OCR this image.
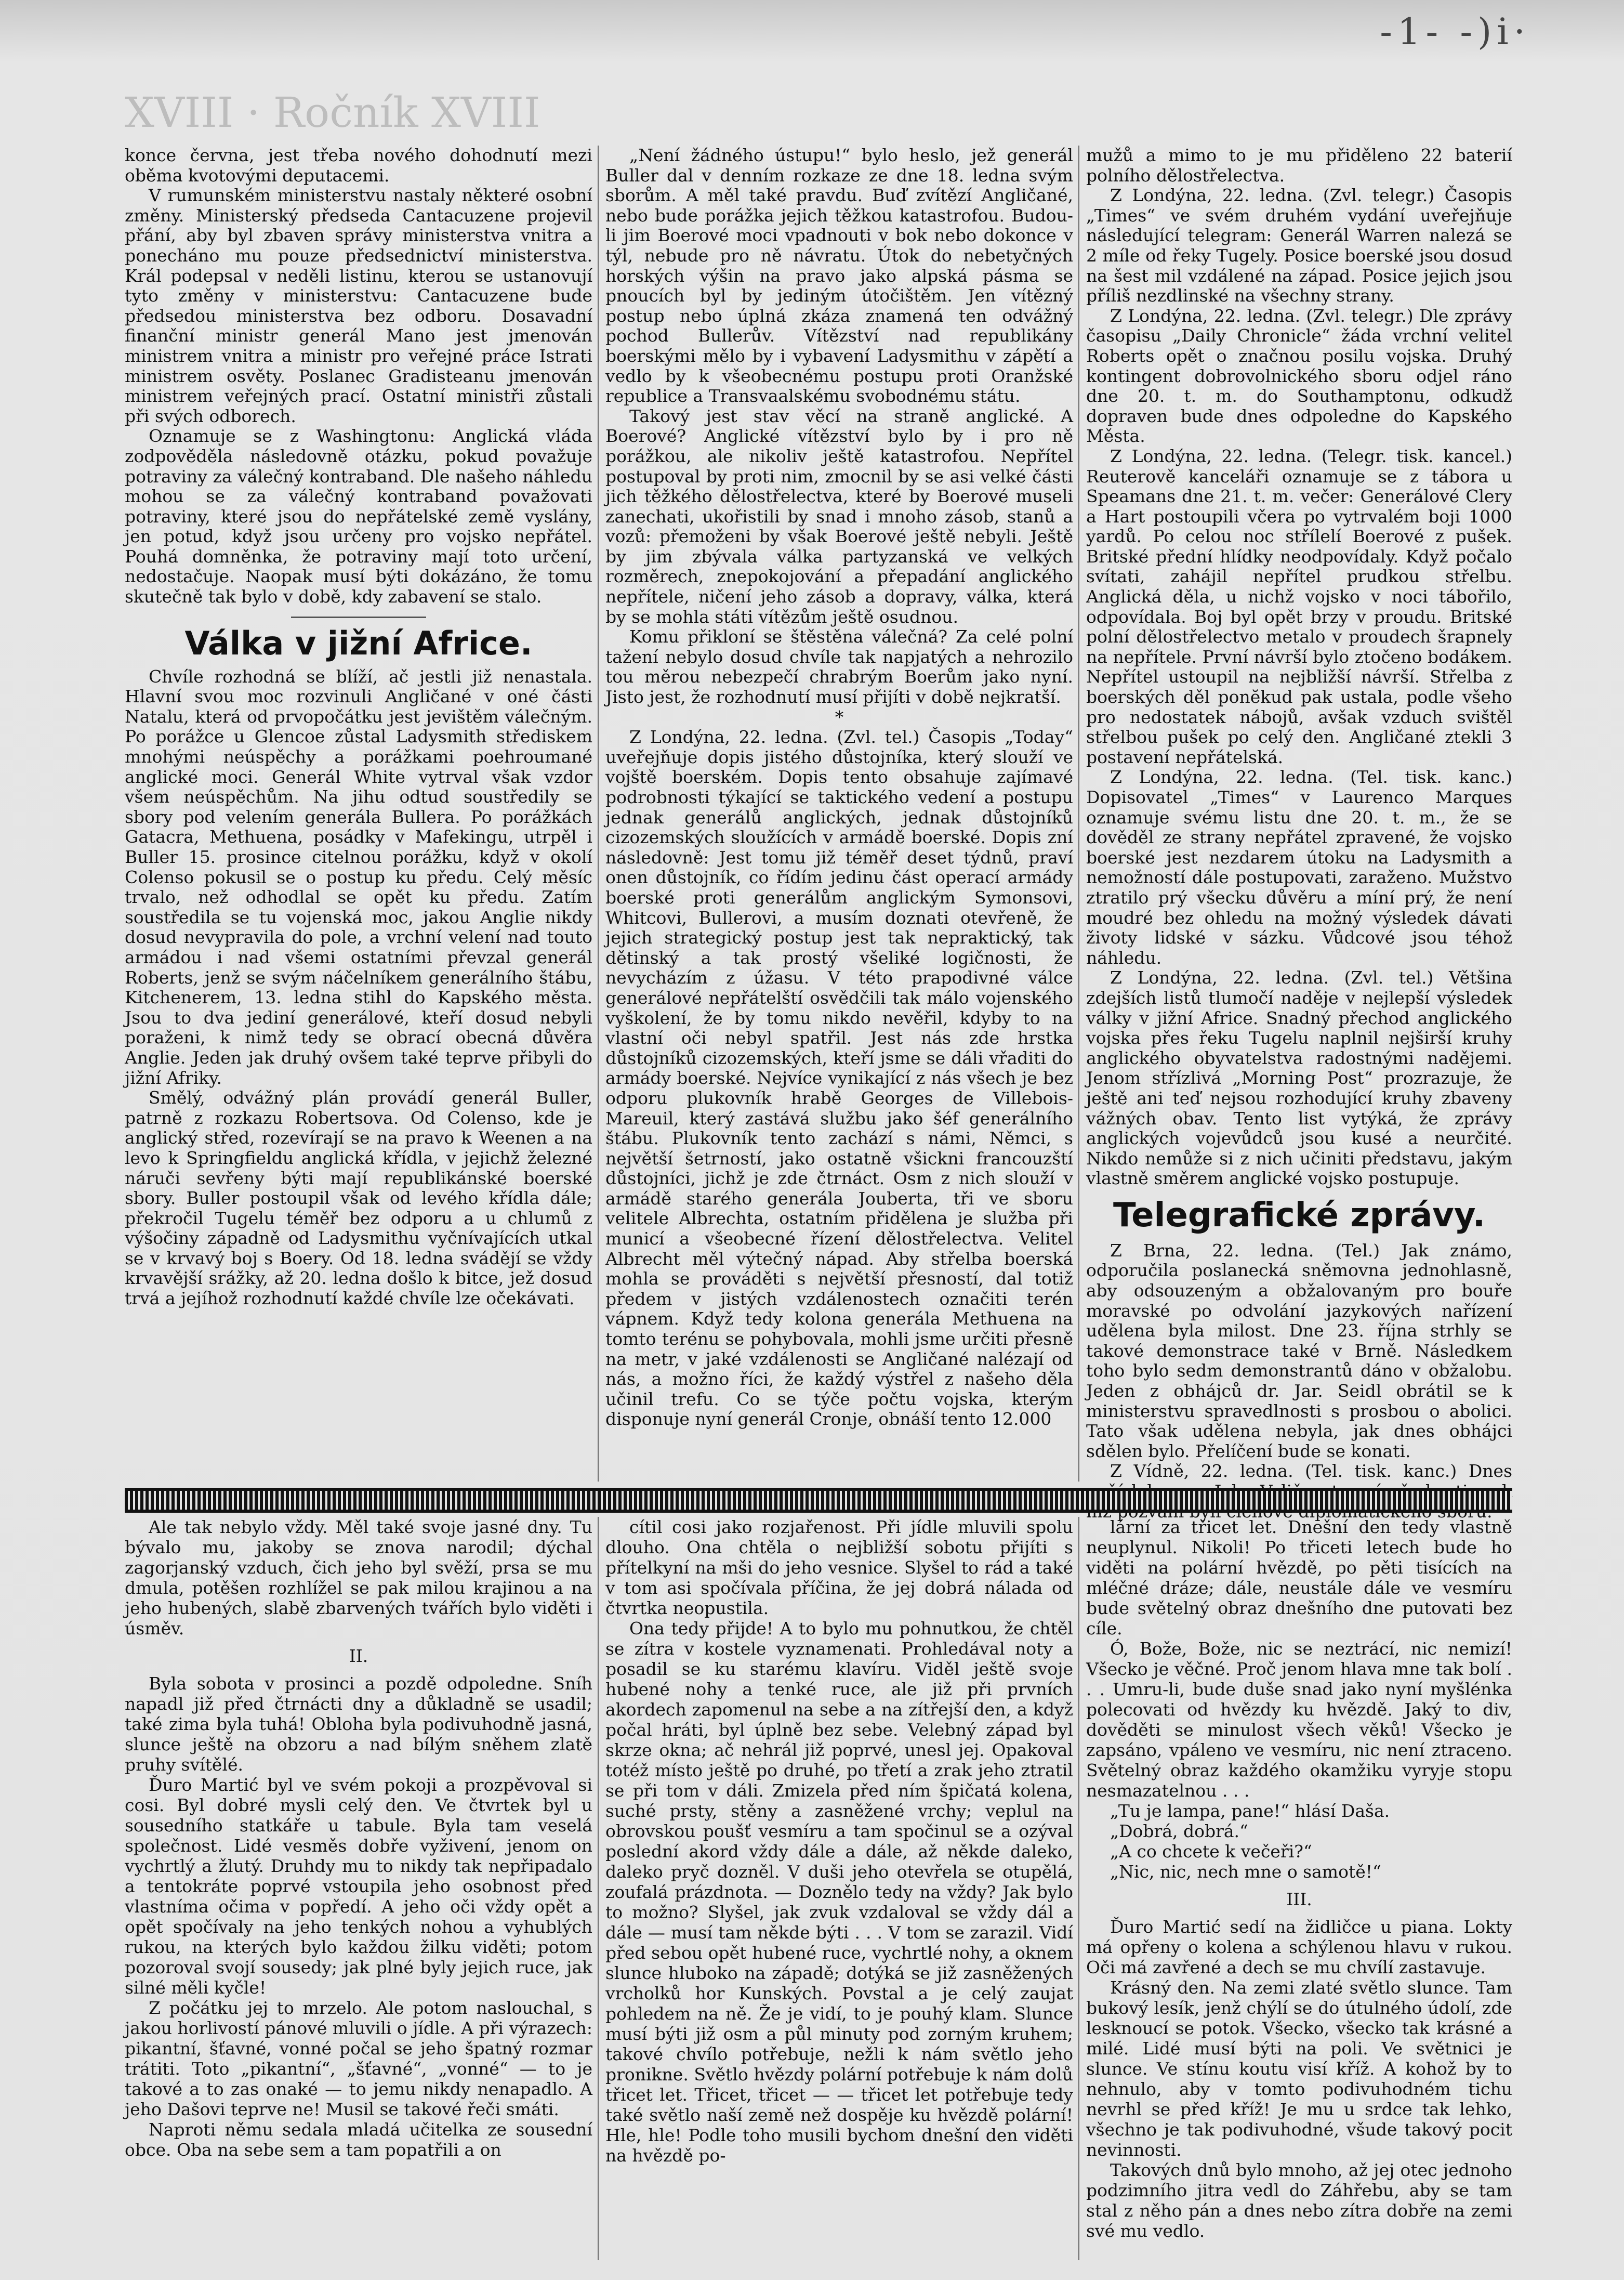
-1- -)i·
XVIII · Ročník XVIII

konce června, jest třeba nového dohodnutí mezi oběma kvotovými deputacemi.

V rumunském ministerstvu nastaly některé osobní změny. Ministerský předseda Cantacuzene projevil přání, aby byl zbaven správy ministerstva vnitra a ponecháno mu pouze předsednictví ministerstva. Král podepsal v neděli listinu, kterou se ustanovují tyto změny v ministerstvu: Cantacuzene bude předsedou ministerstva bez odboru. Dosavadní finanční ministr generál Mano jest jmenován ministrem vnitra a ministr pro veřejné práce Istrati ministrem osvěty. Poslanec Gradisteanu jmenován ministrem veřejných prací. Ostatní ministři zůstali při svých odborech.

Oznamuje se z Washingtonu: Anglická vláda zodpověděla následovně otázku, pokud považuje potraviny za válečný kontraband. Dle našeho náhledu mohou se za válečný kontraband považovati potraviny, které jsou do nepřátelské země vyslány, jen potud, když jsou určeny pro vojsko nepřátel. Pouhá domněnka, že potraviny mají toto určení, nedostačuje. Naopak musí býti dokázáno, že tomu skutečně tak bylo v době, kdy zabavení se stalo.

Válka v jižní Africe.

Chvíle rozhodná se blíží, ač jestli již nenastala. Hlavní svou moc rozvinuli Angličané v oné části Natalu, která od prvopočátku jest jevištěm válečným. Po porážce u Glencoe zůstal Ladysmith střediskem mnohými neúspěchy a porážkami poehroumané anglické moci. Generál White vytrval však vzdor všem neúspěchům. Na jihu odtud soustředily se sbory pod velením generála Bullera. Po porážkách Gatacra, Methuena, posádky v Mafekingu, utrpěl i Buller 15. prosince citelnou porážku, když v okolí Colenso pokusil se o postup ku předu. Celý měsíc trvalo, než odhodlal se opět ku předu. Zatím soustředila se tu vojenská moc, jakou Anglie nikdy dosud nevypravila do pole, a vrchní velení nad touto armádou i nad všemi ostatními převzal generál Roberts, jenž se svým náčelníkem generálního štábu, Kitchenerem, 13. ledna stihl do Kapského města. Jsou to dva jediní generálové, kteří dosud nebyli poraženi, k nimž tedy se obrací obecná důvěra Anglie. Jeden jak druhý ovšem také teprve přibyli do jižní Afriky.

Smělý, odvážný plán provádí generál Buller, patrně z rozkazu Robertsova. Od Colenso, kde je anglický střed, rozevírají se na pravo k Weenen a na levo k Springfieldu anglická křídla, v jejichž železné náruči sevřeny býti mají republikánské boerské sbory. Buller postoupil však od levého křídla dále; překročil Tugelu téměř bez odporu a u chlumů z výšočiny západně od Ladysmithu vyčnívajících utkal se v krvavý boj s Boery. Od 18. ledna svádějí se vždy krvavější srážky, až 20. ledna došlo k bitce, jež dosud trvá a jejíhož rozhodnutí každé chvíle lze očekávati.

„Není žádného ústupu!“ bylo heslo, jež generál Buller dal v denním rozkaze ze dne 18. ledna svým sborům. A měl také pravdu. Buď zvítězí Angličané, nebo bude porážka jejich těžkou katastrofou. Budou-li jim Boerové moci vpadnouti v bok nebo dokonce v týl, nebude pro ně návratu. Útok do nebetyčných horských výšin na pravo jako alpská pásma se pnoucích byl by jediným útočištěm. Jen vítězný postup nebo úplná zkáza znamená ten odvážný pochod Bullerův. Vítězství nad republikány boerskými mělo by i vybavení Ladysmithu v zápětí a vedlo by k všeobecnému postupu proti Oranžské republice a Transvaalskému svobodnému státu.

Takový jest stav věcí na straně anglické. A Boerové? Anglické vítězství bylo by i pro ně porážkou, ale nikoliv ještě katastrofou. Nepřítel postupoval by proti nim, zmocnil by se asi velké části jich těžkého dělostřelectva, které by Boerové museli zanechati, ukořistili by snad i mnoho zásob, stanů a vozů: přemoženi by však Boerové ještě nebyli. Ještě by jim zbývala válka partyzanská ve velkých rozměrech, znepokojování a přepadání anglického nepřítele, ničení jeho zásob a dopravy, válka, která by se mohla státi vítězům ještě osudnou.

Komu přikloní se štěstěna válečná? Za celé polní tažení nebylo dosud chvíle tak napjatých a nehrozilo tou měrou nebezpečí chrabrým Boerům jako nyní. Jisto jest, že rozhodnutí musí přijíti v době nejkratší.

*

Z Londýna, 22. ledna. (Zvl. tel.) Časopis „Today“ uveřejňuje dopis jistého důstojníka, který slouží ve vojště boerském. Dopis tento obsahuje zajímavé podrobnosti týkající se taktického vedení a postupu jednak generálů anglických, jednak důstojníků cizozemských sloužících v armádě boerské. Dopis zní následovně: Jest tomu již téměř deset týdnů, praví onen důstojník, co řídím jedinu část operací armády boerské proti generálům anglickým Symonsovi, Whitcovi, Bullerovi, a musím doznati otevřeně, že jejich strategický postup jest tak nepraktický, tak dětinský a tak prostý všeliké logičnosti, že nevycházím z úžasu. V této prapodivné válce generálové nepřátelští osvědčili tak málo vojenského vyškolení, že by tomu nikdo nevěřil, kdyby to na vlastní oči nebyl spatřil. Jest nás zde hrstka důstojníků cizozemských, kteří jsme se dáli vřaditi do armády boerské. Nejvíce vynikající z nás všech je bez odporu plukovník hrabě Georges de Villebois-Mareuil, který zastává službu jako šéf generálního štábu. Plukovník tento zachází s námi, Němci, s největší šetrností, jako ostatně všickni francouzští důstojníci, jichž je zde čtrnáct. Osm z nich slouží v armádě starého generála Jouberta, tři ve sboru velitele Albrechta, ostatním přidělena je služba při municí a všeobecné řízení dělostřelectva. Velitel Albrecht měl výtečný nápad. Aby střelba boerská mohla se prováděti s největší přesností, dal totiž předem v jistých vzdálenostech označiti terén vápnem. Když tedy kolona generála Methuena na tomto terénu se pohybovala, mohli jsme určiti přesně na metr, v jaké vzdálenosti se Angličané nalézají od nás, a možno říci, že každý výstřel z našeho děla učinil trefu. Co se týče počtu vojska, kterým disponuje nyní generál Cronje, obnáší tento 12.000

mužů a mimo to je mu přiděleno 22 baterií polního dělostřelectva.

Z Londýna, 22. ledna. (Zvl. telegr.) Časopis „Times“ ve svém druhém vydání uveřejňuje následující telegram: Generál Warren nalezá se 2 míle od řeky Tugely. Posice boerské jsou dosud na šest mil vzdálené na západ. Posice jejich jsou příliš nezdlinské na všechny strany.

Z Londýna, 22. ledna. (Zvl. telegr.) Dle zprávy časopisu „Daily Chronicle“ žáda vrchní velitel Roberts opět o značnou posilu vojska. Druhý kontingent dobrovolnického sboru odjel ráno dne 20. t. m. do Southamptonu, odkudž dopraven bude dnes odpoledne do Kapského Města.

Z Londýna, 22. ledna. (Telegr. tisk. kancel.) Reuterově kanceláři oznamuje se z tábora u Speamans dne 21. t. m. večer: Generálové Clery a Hart postoupili včera po vytrvalém boji 1000 yardů. Po celou noc střílelí Boerové z pušek. Britské přední hlídky neodpovídaly. Když počalo svítati, zahájil nepřítel prudkou střelbu. Anglická děla, u nichž vojsko v noci tábořilo, odpovídala. Boj byl opět brzy v proudu. Britské polní dělostřelectvo metalo v proudech šrapnely na nepřítele. První návrší bylo ztočeno bodákem. Nepřítel ustoupil na nejbližší návrší. Střelba z boerských děl ponĕkud pak ustala, podle všeho pro nedostatek nábojů, avšak vzduch svištěl střelbou pušek po celý den. Angličané ztekli 3 postavení nepřátelská.

Z Londýna, 22. ledna. (Tel. tisk. kanc.) Dopisovatel „Times“ v Laurenco Marques oznamuje svému listu dne 20. t. m., že se dověděl ze strany nepřátel zpravené, že vojsko boerské jest nezdarem útoku na Ladysmith a nemožností dále postupovati, zaraženo. Mužstvo ztratilo prý všecku důvěru a míní prý, že není moudré bez ohledu na možný výsledek dávati životy lidské v sázku. Vůdcové jsou téhož náhledu.

Z Londýna, 22. ledna. (Zvl. tel.) Většina zdejších listů tlumočí naděje v nejlepší výsledek války v jižní Africe. Snadný přechod anglického vojska přes řeku Tugelu naplnil nejširší kruhy anglického obyvatelstva radostnými nadějemi. Jenom střízlivá „Morning Post“ prozrazuje, že ještě ani teď nejsou rozhodující kruhy zbaveny vážných obav. Tento list vytýká, že zprávy anglických vojevůdců jsou kusé a neurčité. Nikdo nemůže si z nich učiniti představu, jakým vlastně směrem anglické vojsko postupuje.

Telegrafické zprávy.

Z Brna, 22. ledna. (Tel.) Jak známo, odporučila poslanecká sněmovna jednohlasně, aby odsouzeným a obžalovaným pro bouře moravské po odvolání jazykových nařízení udělena byla milost. Dne 23. října strhly se takové demonstrace také v Brně. Následkem toho bylo sedm demonstrantů dáno v obžalobu. Jeden z obhájců dr. Jar. Seidl obrátil se k ministerstvu spravedlnosti s prosbou o abolici. Tato však udělena nebyla, jak dnes obhájci sdělen bylo. Přelíčení bude se konati.

Z Vídně, 22. ledna. (Tel. tisk. kanc.) Dnes

Ale tak nebylo vždy. Měl také svoje jasné dny. Tu bývalo mu, jakoby se znova narodil; dýchal zagorjanský vzduch, čich jeho byl svěží, prsa se mu dmula, potěšen rozhlížel se pak milou krajinou a na jeho hubených, slabě zbarvených tvářích bylo viděti i úsměv.

II.

Byla sobota v prosinci a pozdě odpoledne. Sníh napadl již před čtrnácti dny a důkladně se usadil; také zima byla tuhá! Obloha byla podivuhodně jasná, slunce ještě na obzoru a nad bílým sněhem zlatě pruhy svítělé.

Ďuro Martić byl ve svém pokoji a prozpěvoval si cosi. Byl dobré mysli celý den. Ve čtvrtek byl u sousedního statkáře u tabule. Byla tam veselá společnost. Lidé vesměs dobře vyživení, jenom on vychrtlý a žlutý. Druhdy mu to nikdy tak nepřipadalo a tentokráte poprvé vstoupila jeho osobnost před vlastníma očima v popředí. A jeho oči vždy opět a opět spočívaly na jeho tenkých nohou a vyhublých rukou, na kterých bylo každou žilku viděti; potom pozoroval svojí sousedy; jak plné byly jejich ruce, jak silné měli kyčle!

Z počátku jej to mrzelo. Ale potom naslouchal, s jakou horlivostí pánové mluvili o jídle. A při výrazech: pikantní, šťavné, vonné počal se jeho špatný rozmar trátiti. Toto „pikantní“, „šťavné“, „vonné“ — to je takové a to zas onaké — to jemu nikdy nenapadlo. A jeho Dašovi teprve ne! Musil se takové řeči smáti.

Naproti němu sedala mladá učitelka ze sousední obce. Oba na sebe sem a tam popatřili a on

cítil cosi jako rozjařenost. Při jídle mluvili spolu dlouho. Ona chtěla o nejbližší sobotu přijíti s přítelkyní na mši do jeho vesnice. Slyšel to rád a také v tom asi spočívala příčina, že jej dobrá nálada od čtvrtka neopustila.

Ona tedy přijde! A to bylo mu pohnutkou, že chtěl se zítra v kostele vyznamenati. Prohledával noty a posadil se ku starému klavíru. Viděl ještě svoje hubené nohy a tenké ruce, ale již při prvních akordech zapomenul na sebe a na zítřejší den, a když počal hráti, byl úplně bez sebe. Velebný západ byl skrze okna; ač nehrál již poprvé, unesl jej. Opakoval totéž místo ještě po druhé, po třetí a zrak jeho ztratil se při tom v dáli. Zmizela před ním špičatá kolena, suché prsty, stěny a zasněžené vrchy; veplul na obrovskou poušť vesmíru a tam spočinul se a ozýval poslední akord vždy dále a dále, až někde daleko, daleko pryč dozněl. V duši jeho otevřela se otupělá, zoufalá prázdnota. — Doznělo tedy na vždy? Jak bylo to možno? Slyšel, jak zvuk vzdaloval se vždy dál a dále — musí tam někde býti . . . V tom se zarazil. Vidí před sebou opět hubené ruce, vychrtlé nohy, a oknem slunce hluboko na západě; dotýká se již zasněžených vrcholků hor Kunských. Povstal a je celý zaujat pohledem na ně. Že je vidí, to je pouhý klam. Slunce musí býti již osm a půl minuty pod zorným kruhem; takové chvílo potřebuje, nežli k nám světlo jeho pronikne. Světlo hvězdy polární potřebuje k nám dolů třicet let. Třicet, třicet — — třicet let potřebuje tedy také světlo naší země než dospěje ku hvězdě polární! Hle, hle! Podle toho musili bychom dnešní den viděti na hvězdě po-

lární za třicet let. Dnešní den tedy vlastně neuplynul. Nikoli! Po třiceti letech bude ho viděti na polární hvězdě, po pěti tisících na mléčné dráze; dále, neustále dále ve vesmíru bude světelný obraz dnešního dne putovati bez cíle.

Ó, Bože, Bože, nic se neztrácí, nic nemizí! Všecko je věčné. Proč jenom hlava mne tak bolí . . . Umru-li, bude duše snad jako nyní myšlénka polecovati od hvězdy ku hvězdě. Jaký to div, dověděti se minulost všech věků! Všecko je zapsáno, vpáleno ve vesmíru, nic není ztraceno. Světelný obraz každého okamžiku vyryje stopu nesmazatelnou . . .

„Tu je lampa, pane!“ hlásí Daša.

„Dobrá, dobrá.“

„A co chcete k večeři?“

„Nic, nic, nech mne o samotě!“

III.

Ďuro Martić sedí na židličce u piana. Lokty má opřeny o kolena a schýlenou hlavu v rukou. Oči má zavřené a dech se mu chvílí zastavuje.

Krásný den. Na zemi zlaté světlo slunce. Tam bukový lesík, jenž chýlí se do útulného údolí, zde lesknoucí se potok. Všecko, všecko tak krásné a milé. Lidé musí býti na poli. Ve světnici je slunce. Ve stínu koutu visí kříž. A kohož by to nehnulo, aby v tomto podivuhodném tichu nevrhl se před kříž! Je mu u srdce tak lehko, všechno je tak podivuhodné, všude takový pocit nevinnosti.

Takových dnů bylo mnoho, až jej otec jednoho podzimního jitra vedl do Záhřebu, aby se tam stal z něho pán a dnes nebo zítra dobře na zemi své mu vedlo.
